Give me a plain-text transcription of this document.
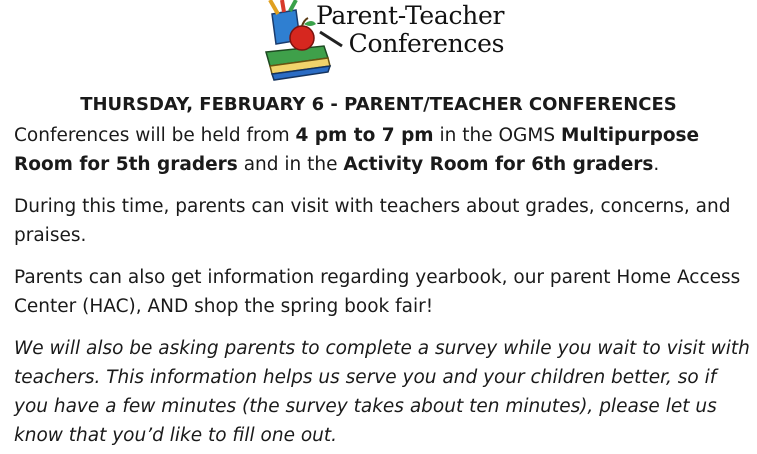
Parent-Teacher
Conferences
THURSDAY, FEBRUARY 6 - PARENT/TEACHER CONFERENCES
Conferences will be held from 4 pm to 7 pm in the OGMS Multipurpose Room for 5th graders and in the Activity Room for 6th graders.
During this time, parents can visit with teachers about grades, concerns, and praises.
Parents can also get information regarding yearbook, our parent Home Access Center (HAC), AND shop the spring book fair!
We will also be asking parents to complete a survey while you wait to visit with teachers. This information helps us serve you and your children better, so if you have a few minutes (the survey takes about ten minutes), please let us know that you’d like to fill one out.
